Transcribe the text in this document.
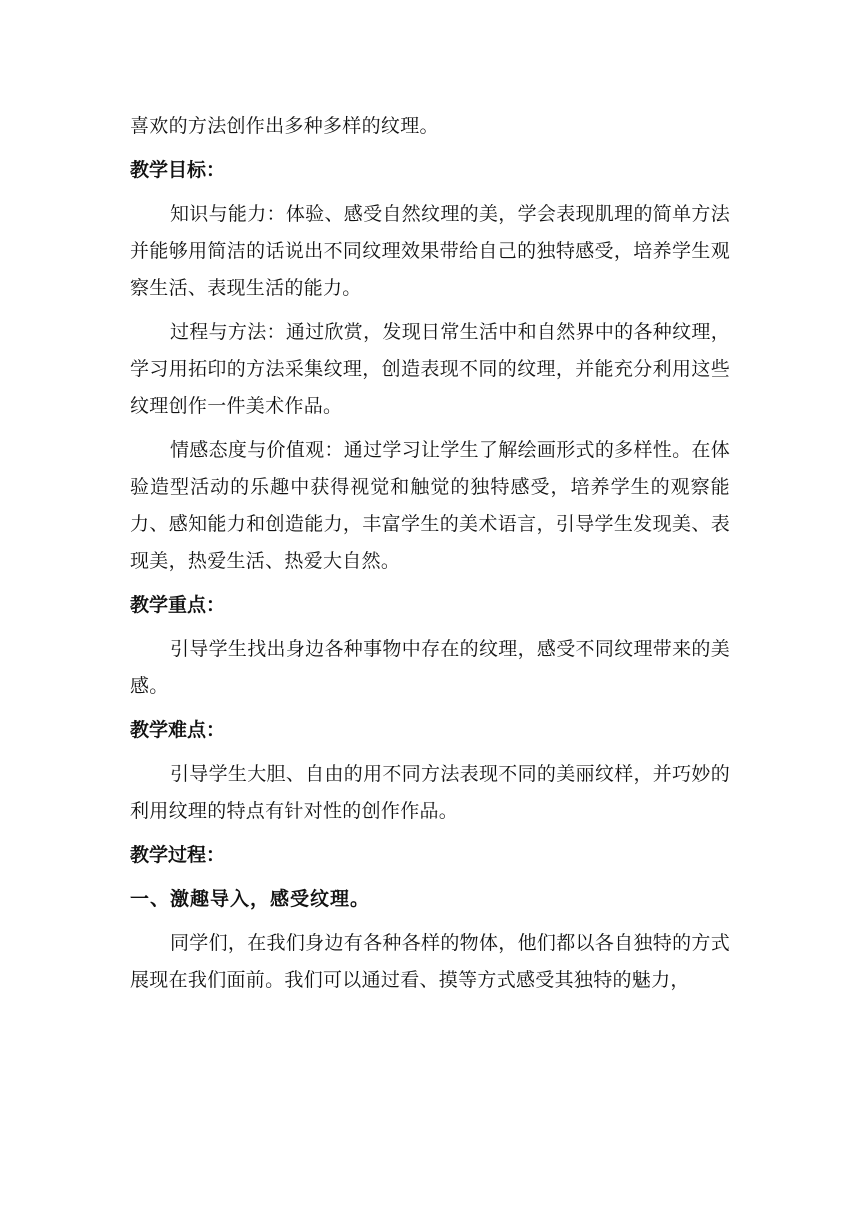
喜欢的方法创作出多种多样的纹理。

教学目标：

知识与能力：体验、感受自然纹理的美，学会表现肌理的简单方法并能够用简洁的话说出不同纹理效果带给自己的独特感受，培养学生观察生活、表现生活的能力。

过程与方法：通过欣赏，发现日常生活中和自然界中的各种纹理，学习用拓印的方法采集纹理，创造表现不同的纹理，并能充分利用这些纹理创作一件美术作品。

情感态度与价值观：通过学习让学生了解绘画形式的多样性。在体验造型活动的乐趣中获得视觉和触觉的独特感受，培养学生的观察能力、感知能力和创造能力，丰富学生的美术语言，引导学生发现美、表现美，热爱生活、热爱大自然。

教学重点：

引导学生找出身边各种事物中存在的纹理，感受不同纹理带来的美感。

教学难点：

引导学生大胆、自由的用不同方法表现不同的美丽纹样，并巧妙的利用纹理的特点有针对性的创作作品。

教学过程：

一、激趣导入，感受纹理。

同学们，在我们身边有各种各样的物体，他们都以各自独特的方式展现在我们面前。我们可以通过看、摸等方式感受其独特的魅力，
